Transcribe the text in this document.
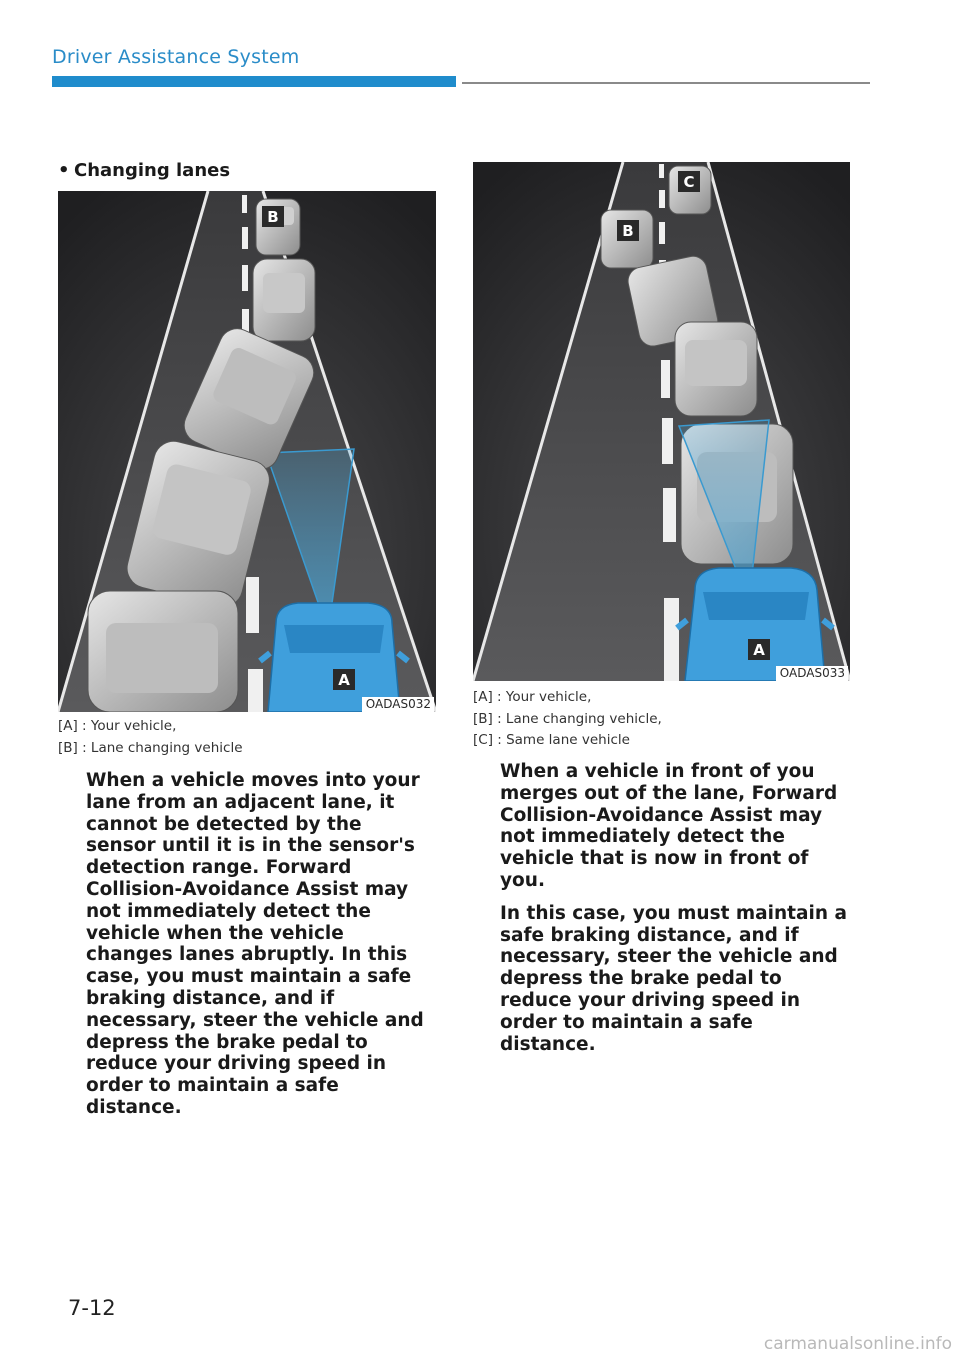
Driver Assistance System
• Changing lanes
B
A
OADAS032
[A] : Your vehicle,
[B] : Lane changing vehicle

When a vehicle moves into your lane from an adjacent lane, it cannot be detected by the sensor until it is in the sensor's detection range. Forward Collision-Avoidance Assist may not immediately detect the vehicle when the vehicle changes lanes abruptly. In this case, you must maintain a safe braking distance, and if necessary, steer the vehicle and depress the brake pedal to reduce your driving speed in order to maintain a safe distance.

C
B
A
OADAS033
[A] : Your vehicle,
[B] : Lane changing vehicle,
[C] : Same lane vehicle

When a vehicle in front of you merges out of the lane, Forward Collision-Avoidance Assist may not immediately detect the vehicle that is now in front of you.

In this case, you must maintain a safe braking distance, and if necessary, steer the vehicle and depress the brake pedal to reduce your driving speed in order to maintain a safe distance.

7-12
carmanualsonline.info
